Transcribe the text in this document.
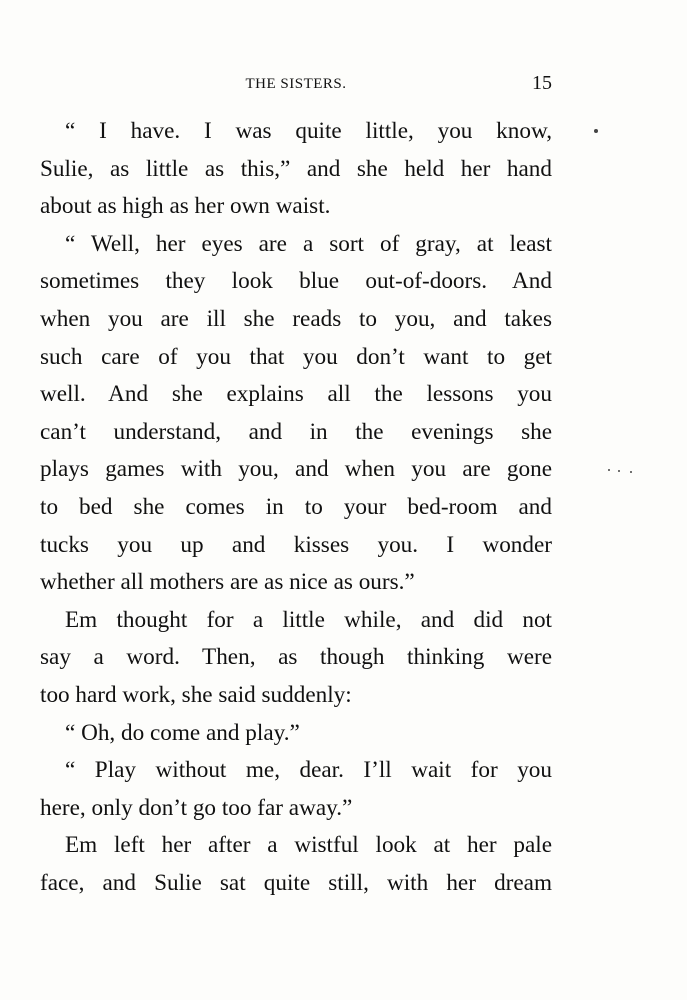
THE SISTERS.	15
“ I have. I was quite little, you know,
Sulie, as little as this,” and she held her hand
about as high as her own waist.
“ Well, her eyes are a sort of gray, at least
sometimes they look blue out-of-doors. And
when you are ill she reads to you, and takes
such care of you that you don’t want to get
well. And she explains all the lessons you
can’t understand, and in the evenings she
plays games with you, and when you are gone
to bed she comes in to your bed-room and
tucks you up and kisses you. I wonder
whether all mothers are as nice as ours.”
Em thought for a little while, and did not
say a word. Then, as though thinking were
too hard work, she said suddenly:
“ Oh, do come and play.”
“ Play without me, dear. I’ll wait for you
here, only don’t go too far away.”
Em left her after a wistful look at her pale
face, and Sulie sat quite still, with her dream
